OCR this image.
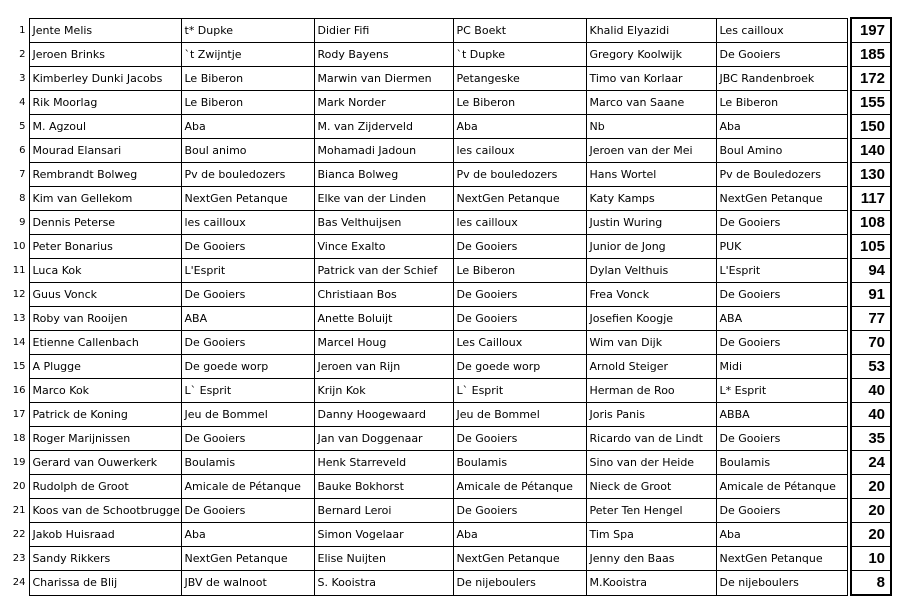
1	Jente Melis	t* Dupke	Didier Fifi	PC Boekt	Khalid Elyazidi	Les cailloux		197
2	Jeroen Brinks	`t Zwijntje	Rody Bayens	`t Dupke	Gregory Koolwijk	De Gooiers		185
3	Kimberley Dunki Jacobs	Le Biberon	Marwin van Diermen	Petangeske	Timo van Korlaar	JBC Randenbroek		172
4	Rik Moorlag	Le Biberon	Mark Norder	Le Biberon	Marco van Saane	Le Biberon		155
5	M. Agzoul	Aba	M. van Zijderveld	Aba	Nb	Aba		150
6	Mourad Elansari	Boul animo	Mohamadi Jadoun	les cailoux	Jeroen van der Mei	Boul Amino		140
7	Rembrandt Bolweg	Pv de bouledozers	Bianca Bolweg	Pv de bouledozers	Hans Wortel	Pv de Bouledozers		130
8	Kim van Gellekom	NextGen Petanque	Elke van der Linden	NextGen Petanque	Katy Kamps	NextGen Petanque		117
9	Dennis Peterse	les cailloux	Bas Velthuijsen	les cailloux	Justin Wuring	De Gooiers		108
10	Peter Bonarius	De Gooiers	Vince Exalto	De Gooiers	Junior de Jong	PUK		105
11	Luca Kok	L'Esprit	Patrick van der Schief	Le Biberon	Dylan Velthuis	L'Esprit		94
12	Guus Vonck	De Gooiers	Christiaan Bos	De Gooiers	Frea Vonck	De Gooiers		91
13	Roby van Rooijen	ABA	Anette Boluijt	De Gooiers	Josefien Koogje	ABA		77
14	Etienne Callenbach	De Gooiers	Marcel Houg	Les Cailloux	Wim van Dijk	De Gooiers		70
15	A Plugge	De goede worp	Jeroen van Rijn	De goede worp	Arnold Steiger	Midi		53
16	Marco Kok	L` Esprit	Krijn Kok	L` Esprit	Herman de Roo	L* Esprit		40
17	Patrick de Koning	Jeu de Bommel	Danny Hoogewaard	Jeu de Bommel	Joris Panis	ABBA		40
18	Roger Marijnissen	De Gooiers	Jan van Doggenaar	De Gooiers	Ricardo van de Lindt	De Gooiers		35
19	Gerard van Ouwerkerk	Boulamis	Henk Starreveld	Boulamis	Sino van der Heide	Boulamis		24
20	Rudolph de Groot	Amicale de Pétanque	Bauke Bokhorst	Amicale de Pétanque	Nieck de Groot	Amicale de Pétanque		20
21	Koos van de Schootbrugge	De Gooiers	Bernard Leroi	De Gooiers	Peter Ten Hengel	De Gooiers		20
22	Jakob Huisraad	Aba	Simon Vogelaar	Aba	Tim Spa	Aba		20
23	Sandy Rikkers	NextGen Petanque	Elise Nuijten	NextGen Petanque	Jenny den Baas	NextGen Petanque		10
24	Charissa de Blij	JBV de walnoot	S. Kooistra	De nijeboulers	M.Kooistra	De nijeboulers		8
